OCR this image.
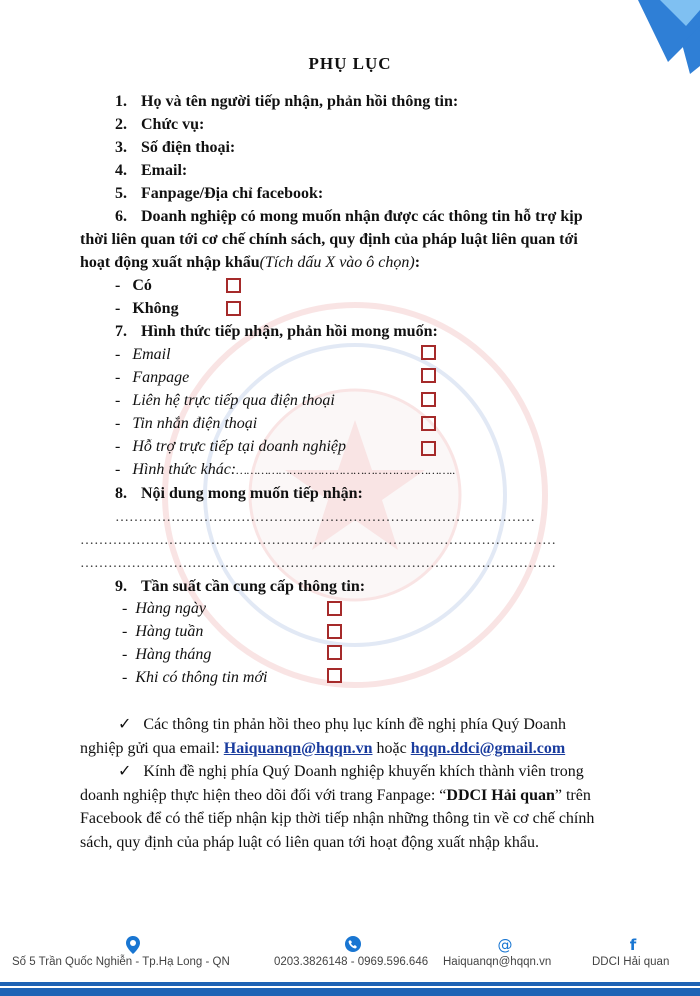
PHỤ LỤC
1. Họ và tên người tiếp nhận, phản hồi thông tin:
2. Chức vụ:
3. Số điện thoại:
4. Email:
5. Fanpage/Địa chỉ facebook:
6. Doanh nghiệp có mong muốn nhận được các thông tin hỗ trợ kịp
thời liên quan tới cơ chế chính sách, quy định của pháp luật liên quan tới
hoạt động xuất nhập khẩu(Tích dấu X vào ô chọn):
- Có
- Không
7. Hình thức tiếp nhận, phản hồi mong muốn:
- Email
- Fanpage
- Liên hệ trực tiếp qua điện thoại
- Tin nhắn điện thoại
- Hỗ trợ trực tiếp tại doanh nghiệp
- Hình thức khác:……………………………………………………..
8. Nội dung mong muốn tiếp nhận:
………………………………………………………………………………
…………………………………………………………………………………………
…………………………………………………………………………………………
9. Tần suất cần cung cấp thông tin:
- Hàng ngày
- Hàng tuần
- Hàng tháng
- Khi có thông tin mới
✓ Các thông tin phản hồi theo phụ lục kính đề nghị phía Quý Doanh
nghiệp gửi qua email: Haiquanqn@hqqn.vn hoặc hqqn.ddci@gmail.com
✓ Kính đề nghị phía Quý Doanh nghiệp khuyến khích thành viên trong
doanh nghiệp thực hiện theo dõi đối với trang Fanpage: “DDCI Hải quan” trên
Facebook để có thể tiếp nhận kịp thời tiếp nhận những thông tin về cơ chế chính
sách, quy định của pháp luật có liên quan tới hoạt động xuất nhập khẩu.
Số 5 Trần Quốc Nghiễn - Tp.Hạ Long - QN	0203.3826148 - 0969.596.646
@
Haiquanqn@hqqn.vn
f
DDCI Hải quan
